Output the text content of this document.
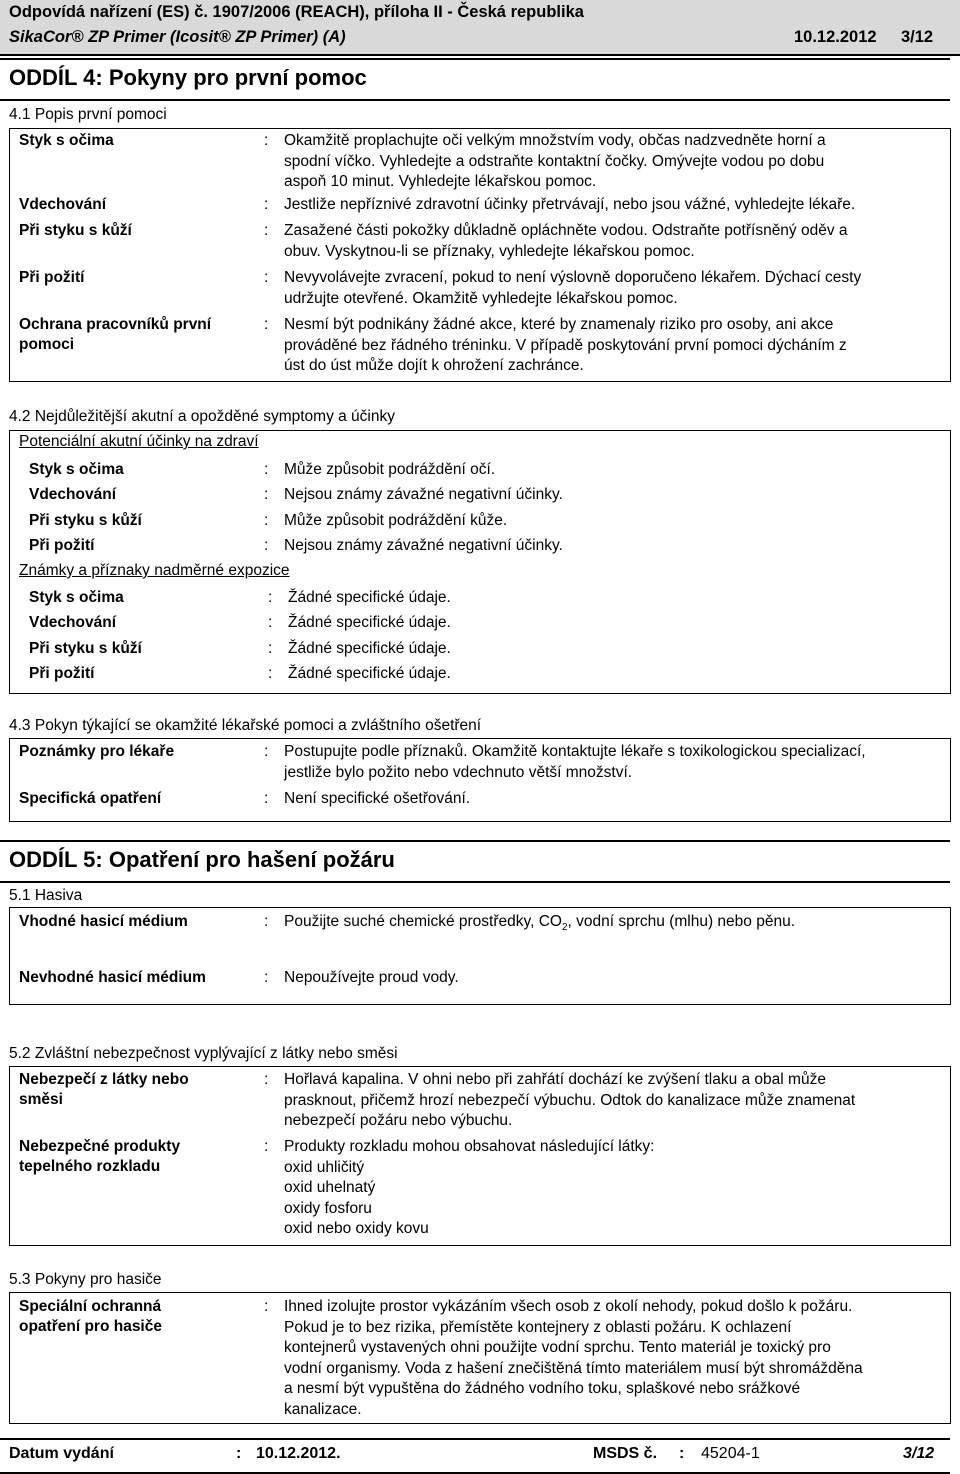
Odpovídá nařízení (ES) č. 1907/2006 (REACH), příloha II - Česká republika
SikaCor® ZP Primer (Icosit® ZP Primer) (A)	10.12.2012 3/12
ODDÍL 4: Pokyny pro první pomoc
4.1 Popis první pomoci
Styk s očima	: Okamžitě proplachujte oči velkým množstvím vody, občas nadzvedněte horní a
spodní víčko. Vyhledejte a odstraňte kontaktní čočky. Omývejte vodou po dobu
aspoň 10 minut. Vyhledejte lékařskou pomoc.
Vdechování	: Jestliže nepříznivé zdravotní účinky přetrvávají, nebo jsou vážné, vyhledejte lékaře.
Při styku s kůží	: Zasažené části pokožky důkladně opláchněte vodou. Odstraňte potřísněný oděv a
obuv. Vyskytnou-li se příznaky, vyhledejte lékařskou pomoc.
Při požití	: Nevyvolávejte zvracení, pokud to není výslovně doporučeno lékařem. Dýchací cesty
udržujte otevřené. Okamžitě vyhledejte lékařskou pomoc.
Ochrana pracovníků první
pomoci
: Nesmí být podnikány žádné akce, které by znamenaly riziko pro osoby, ani akce
prováděné bez řádného tréninku. V případě poskytování první pomoci dýcháním z
úst do úst může dojít k ohrožení zachránce.
4.2 Nejdůležitější akutní a opožděné symptomy a účinky
Potenciální akutní účinky na zdraví
Styk s očima	: Může způsobit podráždění očí.
Vdechování	: Nejsou známy závažné negativní účinky.
Při styku s kůží	: Může způsobit podráždění kůže.
Při požití	: Nejsou známy závažné negativní účinky.
Známky a příznaky nadměrné expozice
Styk s očima	: Žádné specifické údaje.
Vdechování	: Žádné specifické údaje.
Při styku s kůží	: Žádné specifické údaje.
Při požití	: Žádné specifické údaje.
4.3 Pokyn týkající se okamžité lékařské pomoci a zvláštního ošetření
Poznámky pro lékaře	: Postupujte podle příznaků. Okamžitě kontaktujte lékaře s toxikologickou specializací,
jestliže bylo požito nebo vdechnuto větší množství.
Specifická opatření	: Není specifické ošetřování.
ODDÍL 5: Opatření pro hašení požáru
5.1 Hasiva
Vhodné hasicí médium	: Použijte suché chemické prostředky, $CO_2$, vodní sprchu (mlhu) nebo pěnu.
Nevhodné hasicí médium	: Nepoužívejte proud vody.
5.2 Zvláštní nebezpečnost vyplývající z látky nebo směsi
Nebezpečí z látky nebo
směsi
: Hořlavá kapalina. V ohni nebo při zahřátí dochází ke zvýšení tlaku a obal může
prasknout, přičemž hrozí nebezpečí výbuchu. Odtok do kanalizace může znamenat
nebezpečí požáru nebo výbuchu.
Nebezpečné produkty
tepelného rozkladu
: Produkty rozkladu mohou obsahovat následující látky:
oxid uhličitý
oxid uhelnatý
oxidy fosforu
oxid nebo oxidy kovu
5.3 Pokyny pro hasiče
Speciální ochranná
opatření pro hasiče
: Ihned izolujte prostor vykázáním všech osob z okolí nehody, pokud došlo k požáru.
Pokud je to bez rizika, přemístěte kontejnery z oblasti požáru. K ochlazení
kontejnerů vystavených ohni použijte vodní sprchu. Tento materiál je toxický pro
vodní organismy. Voda z hašení znečištěná tímto materiálem musí být shromážděna
a nesmí být vypuštěna do žádného vodního toku, splaškové nebo srážkové
kanalizace.
Datum vydání	: 10.12.2012.	MSDS č. : 45204-1	3/12
